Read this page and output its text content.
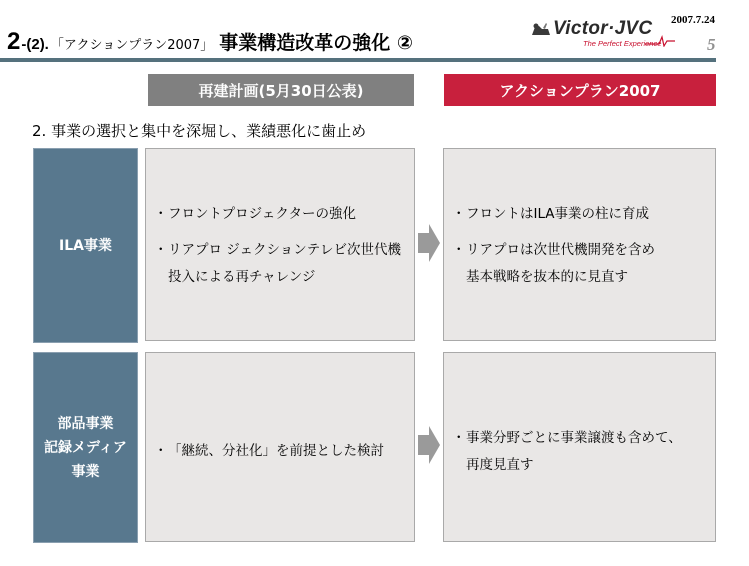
2 -(2). 「アクションプラン2007」 事業構造改革の強化 ②
Victor·JVC
The Perfect Experience
2007.7.24
5
再建計画(5月30日公表)	アクションプラン2007
2. 事業の選択と集中を深堀し、業績悪化に歯止め
ILA事業
・フロントプロジェクターの強化
・リアプロ ジェクションテレビ次世代機
投入による再チャレンジ
・フロントはILA事業の柱に育成
・リアプロは次世代機開発を含め
基本戦略を抜本的に見直す
部品事業
記録メディア
事業
・「継続、分社化」を前提とした検討
・事業分野ごとに事業譲渡も含めて、
再度見直す
